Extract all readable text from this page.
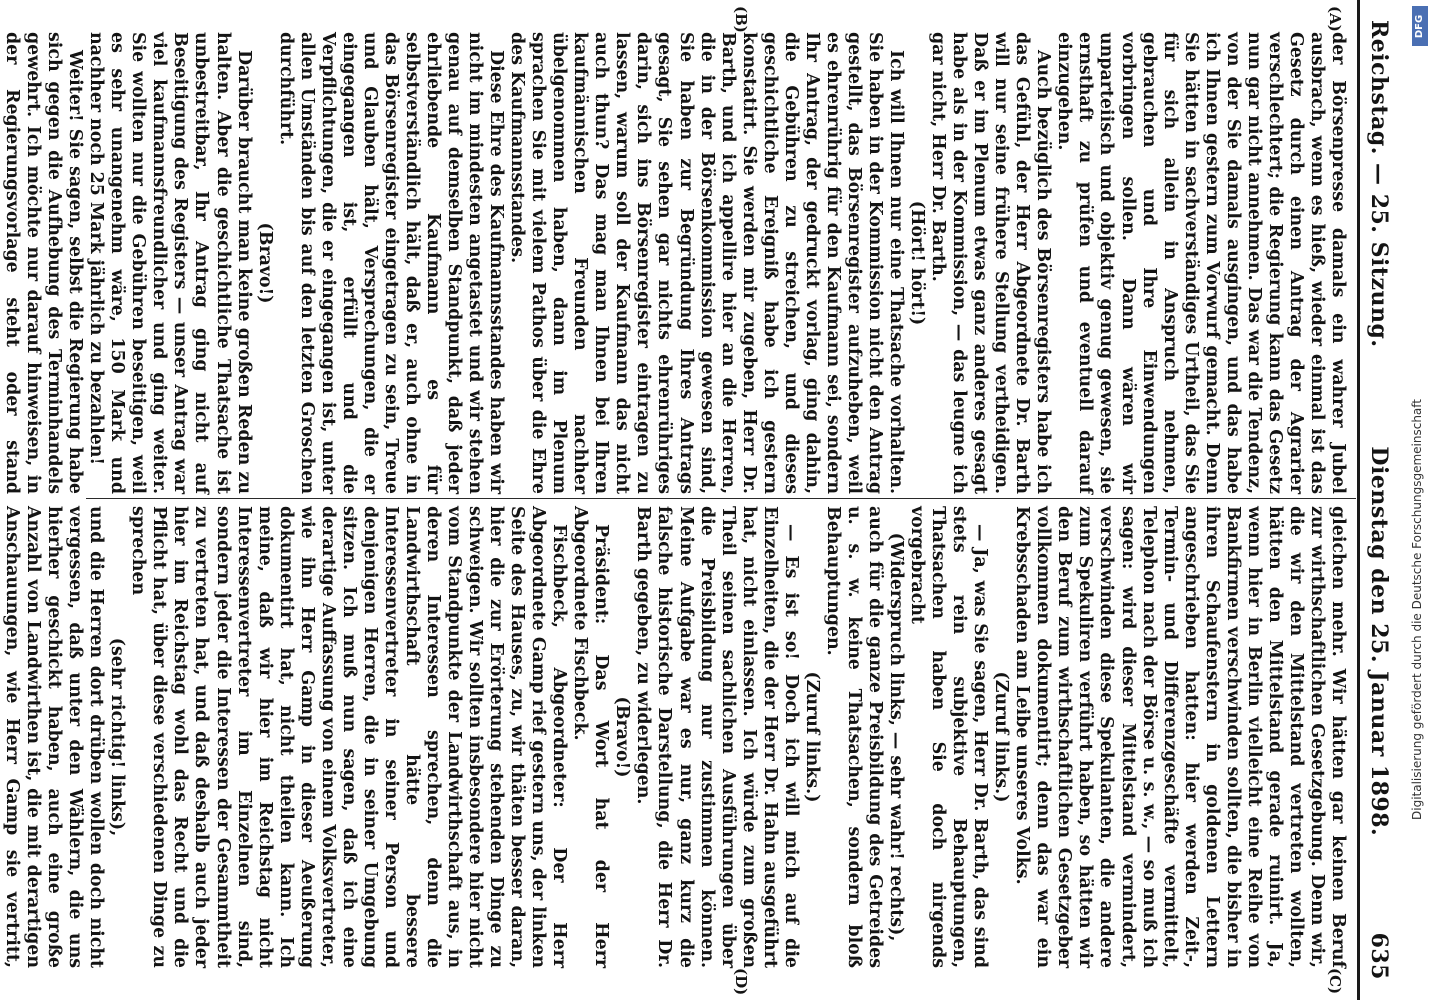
Reichstag. — 25. Sitzung.
Dienstag den 25. Januar 1898.  635
(A)
(B)
(C)
(D)

der Börsenpresse damals ein wahrer Jubel ausbrach, wenn es hieß, wieder einmal ist das Gesetz durch einen Antrag der Agrarier verschlechtert; die Regierung kann das Gesetz nun gar nicht annehmen. Das war die Tendenz, von der Sie damals ausgingen, und das habe ich Ihnen gestern zum Vorwurf gemacht. Denn Sie hätten in sachverständiges Urtheil, das Sie für sich allein in Anspruch nehmen, gebrauchen und Ihre Einwendungen vorbringen sollen. Dann wären wir unparteiisch und objektiv genug gewesen, sie ernsthaft zu prüfen und eventuell darauf einzugehen.

Auch bezüglich des Börsenregisters habe ich das Gefühl, der Herr Abgeordnete Dr. Barth will nur seine frühere Stellung vertheidigen. Daß er im Plenum etwas ganz anderes gesagt habe als in der Kommission, — das leugne ich gar nicht, Herr Dr. Barth.

(Hört! hört!)

Ich will Ihnen nur eine Thatsache vorhalten. Sie haben in der Kommission nicht den Antrag gestellt, das Börsenregister aufzuheben, weil es ehrenrührig für den Kaufmann sei, sondern Ihr Antrag, der gedruckt vorlag, ging dahin, die Gebühren zu streichen, und dieses geschichtliche Ereigniß habe ich gestern konstatirt. Sie werden mir zugeben, Herr Dr. Barth, und ich appellire hier an die Herren, die in der Börsenkommission gewesen sind, Sie haben zur Begründung Ihres Antrags gesagt, Sie sehen gar nichts ehrenrühriges darin, sich ins Börsenregister eintragen zu lassen, warum soll der Kaufmann das nicht auch thun? Das mag man Ihnen bei Ihren kaufmännischen Freunden nachher übelgenommen haben, dann im Plenum sprachen Sie mit vielem Pathos über die Ehre des Kaufmannsstandes.

Diese Ehre des Kaufmannsstandes haben wir nicht im mindesten angetastet und wir stehen genau auf demselben Standpunkt, daß jeder ehrliebende Kaufmann es für selbstverständlich hält, daß er, auch ohne in das Börsenregister eingetragen zu sein, Treue und Glauben hält, Versprechungen, die er eingegangen ist, erfüllt und die Verpflichtungen, die er eingegangen ist, unter allen Umständen bis auf den letzten Groschen durchführt.

(Bravo!)

Darüber braucht man keine großen Reden zu halten. Aber die geschichtliche Thatsache ist unbestreitbar, Ihr Antrag ging nicht auf Beseitigung des Registers — unser Antrag war viel kaufmannsfreundlicher und ging weiter. Sie wollten nur die Gebühren beseitigen, weil es sehr unangenehm wäre, 150 Mark und nachher noch 25 Mark jährlich zu bezahlen!

Weiter! Sie sagen, selbst die Regierung habe sich gegen die Aufhebung des Terminhandels gewehrt. Ich möchte nur darauf hinweisen, in der Regierungsvorlage steht oder stand

gleichen mehr. Wir hätten gar keinen Beruf zur wirthschaftlichen Gesetzgebung. Denn wir, die wir den Mittelstand vertreten wollten, hätten den Mittelstand gerade ruinirt. Ja, wenn hier in Berlin vielleicht eine Reihe von Bankfirmen verschwinden sollten, die bisher in ihren Schaufenstern in goldenen Lettern angeschrieben hatten: hier werden Zeit-, Termin- und Differenzgeschäfte vermittelt, Telephon nach der Börse u. s. w., — so muß ich sagen: wird dieser Mittelstand vermindert, verschwinden diese Spekulanten, die andere zum Spekuliren verführt haben, so hätten wir den Beruf zum wirthschaftlichen Gesetzgeber vollkommen dokumentirt; denn das war ein Krebsschaden am Leibe unseres Volks.

(Zuruf links.)

— Ja, was Sie sagen, Herr Dr. Barth, das sind stets rein subjektive Behauptungen, Thatsachen haben Sie doch nirgends vorgebracht

(Widerspruch links, — sehr wahr! rechts),

auch für die ganze Preisbildung des Getreides u. s. w. keine Thatsachen, sondern bloß Behauptungen.

(Zuruf links.)

— Es ist so! Doch ich will mich auf die Einzelheiten, die der Herr Dr. Hahn ausgeführt hat, nicht einlassen. Ich würde zum großen Theil seinen sachlichen Ausführungen über die Preisbildung nur zustimmen können. Meine Aufgabe war es nur, ganz kurz die falsche historische Darstellung, die Herr Dr. Barth gegeben, zu widerlegen.

(Bravo!)

Präsident: Das Wort hat der Herr Abgeordnete Fischbeck.

Fischbeck, Abgeordneter: Der Herr Abgeordnete Gamp rief gestern uns, der linken Seite des Hauses, zu, wir thäten besser daran, hier die zur Erörterung stehenden Dinge zu schweigen. Wir sollten insbesondere hier nicht vom Standpunkte der Landwirthschaft aus, in deren Interessen sprechen, denn die Landwirthschaft hätte bessere Interessenvertreter in seiner Person und denjenigen Herren, die in seiner Umgebung sitzen. Ich muß nun sagen, daß ich eine derartige Auffassung von einem Volksvertreter, wie ihn Herr Gamp in dieser Aeußerung dokumentirt hat, nicht theilen kann. Ich meine, daß wir hier im Reichstag nicht Interessenvertreter im Einzelnen sind, sondern jeder die Interessen der Gesammtheit zu vertreten hat, und daß deshalb auch jeder hier im Reichstag wohl das Recht und die Pflicht hat, über diese verschiedenen Dinge zu sprechen

(sehr richtig! links),

und die Herren dort drüben wollen doch nicht vergessen, daß unter den Wählern, die uns hierher geschickt haben, auch eine große Anzahl von Landwirthen ist, die mit derartigen Anschauungen, wie Herr Gamp sie vertritt,

DFG
Digitalisierung gefördert durch die Deutsche Forschungsgemeinschaft
